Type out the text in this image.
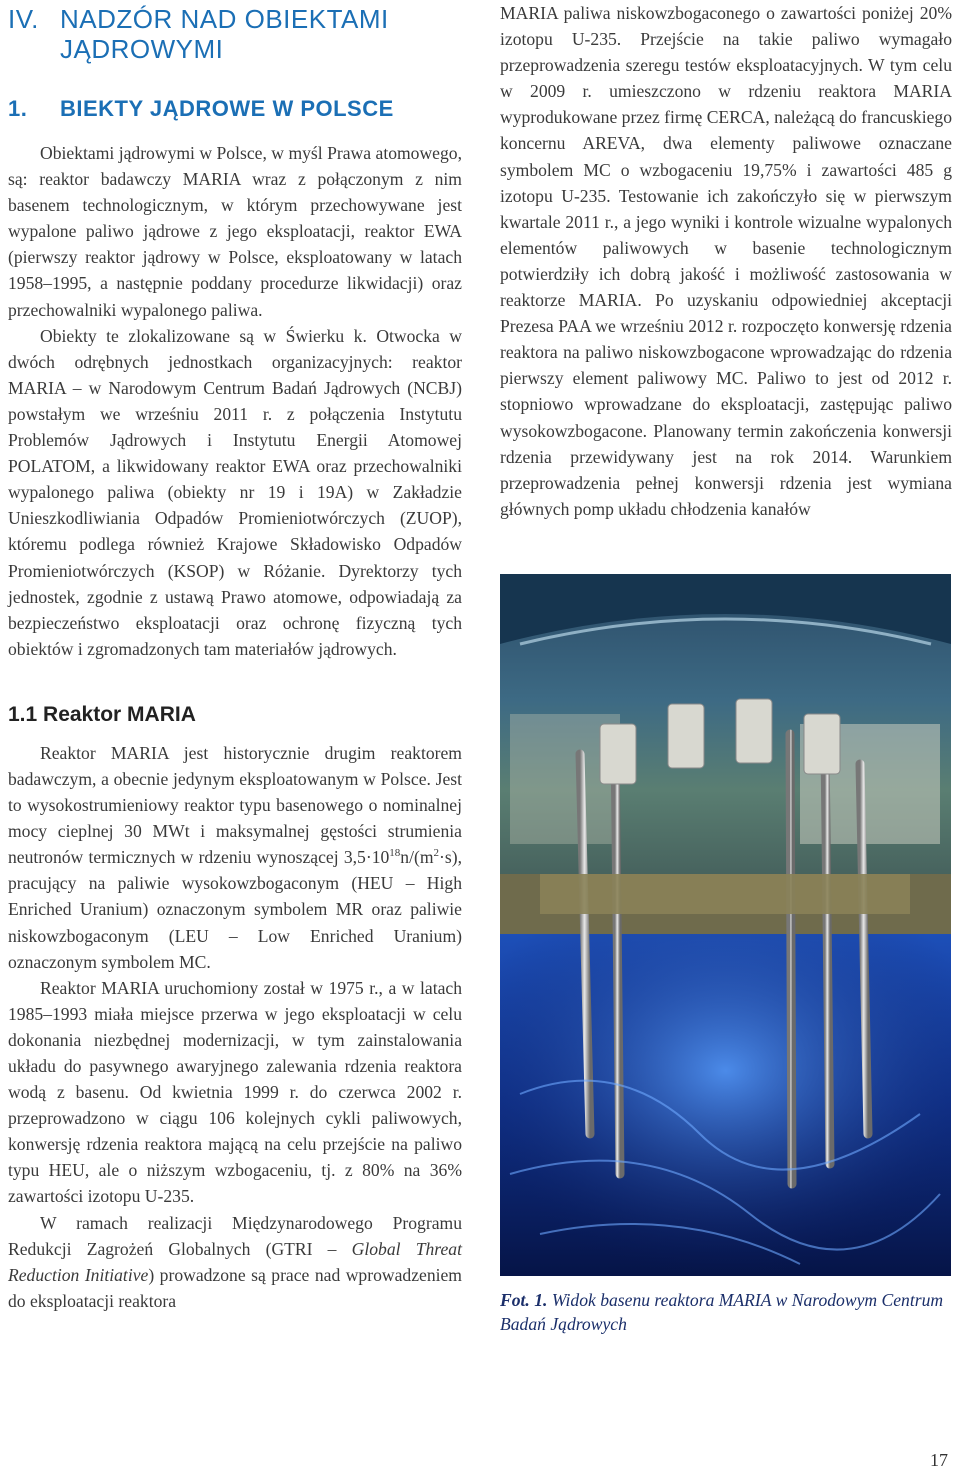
IV. NADZÓR NAD OBIEKTAMI
JĄDROWYMI
1. BIEKTY JĄDROWE W POLSCE

Obiektami jądrowymi w Polsce, w myśl Prawa atomowego, są: reaktor badawczy MARIA wraz z połączonym z nim basenem technologicznym, w którym przechowywane jest wypalone paliwo jądrowe z jego eksploatacji, reaktor EWA (pierwszy reaktor jądrowy w Polsce, eksploatowany w latach 1958–1995, a następnie poddany procedurze likwidacji) oraz przechowalniki wypalonego paliwa.

Obiekty te zlokalizowane są w Świerku k. Otwocka w dwóch odrębnych jednostkach organizacyjnych: reaktor MARIA – w Narodowym Centrum Badań Jądrowych (NCBJ) powstałym we wrześniu 2011 r. z połączenia Instytutu Problemów Jądrowych i Instytutu Energii Atomowej POLATOM, a likwidowany reaktor EWA oraz przechowalniki wypalonego paliwa (obiekty nr 19 i 19A) w Zakładzie Unieszkodliwiania Odpadów Promieniotwórczych (ZUOP), któremu podlega również Krajowe Składowisko Odpadów Promieniotwórczych (KSOP) w Różanie. Dyrektorzy tych jednostek, zgodnie z ustawą Prawo atomowe, odpowiadają za bezpieczeństwo eksploatacji oraz ochronę fizyczną tych obiektów i zgromadzonych tam materiałów jądrowych.

1.1 Reaktor MARIA

Reaktor MARIA jest historycznie drugim reaktorem badawczym, a obecnie jedynym eksploatowanym w Polsce. Jest to wysokostrumieniowy reaktor typu basenowego o nominalnej mocy cieplnej 30 MWt i maksymalnej gęstości strumienia neutronów termicznych w rdzeniu wynoszącej $3,5\cdot 10^{18}n/(m^2\cdot s)$, pracujący na paliwie wysokowzbogaconym (HEU – High Enriched Uranium) oznaczonym symbolem MR oraz paliwie niskowzbogaconym (LEU – Low Enriched Uranium) oznaczonym symbolem MC.

Reaktor MARIA uruchomiony został w 1975 r., a w latach 1985–1993 miała miejsce przerwa w jego eksploatacji w celu dokonania niezbędnej modernizacji, w tym zainstalowania układu do pasywnego awaryjnego zalewania rdzenia reaktora wodą z basenu. Od kwietnia 1999 r. do czerwca 2002 r. przeprowadzono w ciągu 106 kolejnych cykli paliwowych, konwersję rdzenia reaktora mającą na celu przejście na paliwo typu HEU, ale o niższym wzbogaceniu, tj. z 80% na 36% zawartości izotopu U-235.

W ramach realizacji Międzynarodowego Programu Redukcji Zagrożeń Globalnych (GTRI – Global Threat Reduction Initiative) prowadzone są prace nad wprowadzeniem do eksploatacji reaktora

MARIA paliwa niskowzbogaconego o zawartości poniżej 20% izotopu U-235. Przejście na takie paliwo wymagało przeprowadzenia szeregu testów eksploatacyjnych. W tym celu w 2009 r. umieszczono w rdzeniu reaktora MARIA wyprodukowane przez firmę CERCA, należącą do francuskiego koncernu AREVA, dwa elementy paliwowe oznaczane symbolem MC o wzbogaceniu 19,75% i zawartości 485 g izotopu U-235. Testowanie ich zakończyło się w pierwszym kwartale 2011 r., a jego wyniki i kontrole wizualne wypalonych elementów paliwowych w basenie technologicznym potwierdziły ich dobrą jakość i możliwość zastosowania w reaktorze MARIA. Po uzyskaniu odpowiedniej akceptacji Prezesa PAA we wrześniu 2012 r. rozpoczęto konwersję rdzenia reaktora na paliwo niskowzbogacone wprowadzając do rdzenia pierwszy element paliwowy MC. Paliwo to jest od 2012 r. stopniowo wprowadzane do eksploatacji, zastępując paliwo wysokowzbogacone. Planowany termin zakończenia konwersji rdzenia przewidywany jest na rok 2014. Warunkiem przeprowadzenia pełnej konwersji rdzenia jest wymiana głównych pomp układu chłodzenia kanałów

Fot. 1. Widok basenu reaktora MARIA w Narodowym Centrum Badań Jądrowych
17
